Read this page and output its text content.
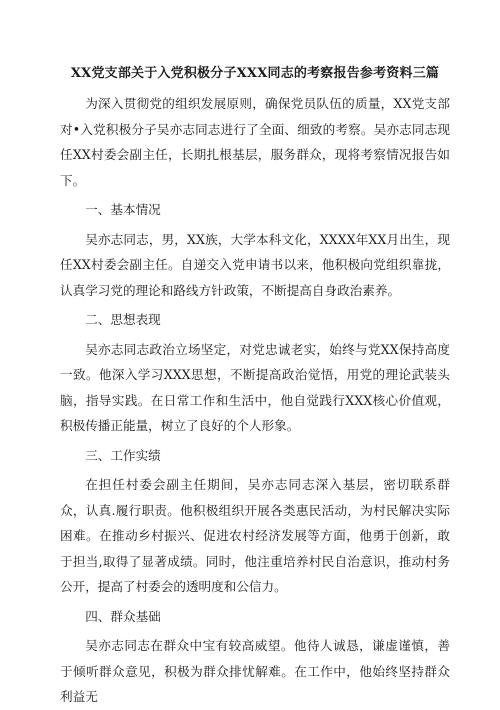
XX党支部关于入党积极分子XXX同志的考察报告参考资料三篇

为深入贯彻党的组织发展原则，确保党员队伍的质量，XX党支部对•入党积极分子吴亦志同志进行了全面、细致的考察。吴亦志同志现任XX村委会副主任，长期扎根基层，服务群众，现将考察情况报告如下。

一、基本情况

吴亦志同志，男，XX族，大学本科文化，XXXX年XX月出生，现任XX村委会副主任。自递交入党申请书以来，他积极向党组织靠拢，认真学习党的理论和路线方针政策，不断提高自身政治素养。

二、思想表现

吴亦志同志政治立场坚定，对党忠诚老实，始终与党XX保持高度一致。他深入学习XXX思想，不断提高政治觉悟，用党的理论武装头脑，指导实践。在日常工作和生活中，他自觉践行XXX核心价值观，积极传播正能量，树立了良好的个人形象。

三、工作实绩

在担任村委会副主任期间，吴亦志同志深入基层，密切联系群众，认真.履行职责。他积极组织开展各类惠民活动，为村民解决实际困难。在推动乡村振兴、促进农村经济发展等方面，他勇于创新，敢于担当,取得了显著成绩。同时，他注重培养村民自治意识，推动村务公开，提高了村委会的透明度和公信力。

四、群众基础

吴亦志同志在群众中宝有较高威望。他待人诚恳，谦虚谨慎，善于倾听群众意见，积极为群众排忧解难。在工作中，他始终坚持群众利益无
